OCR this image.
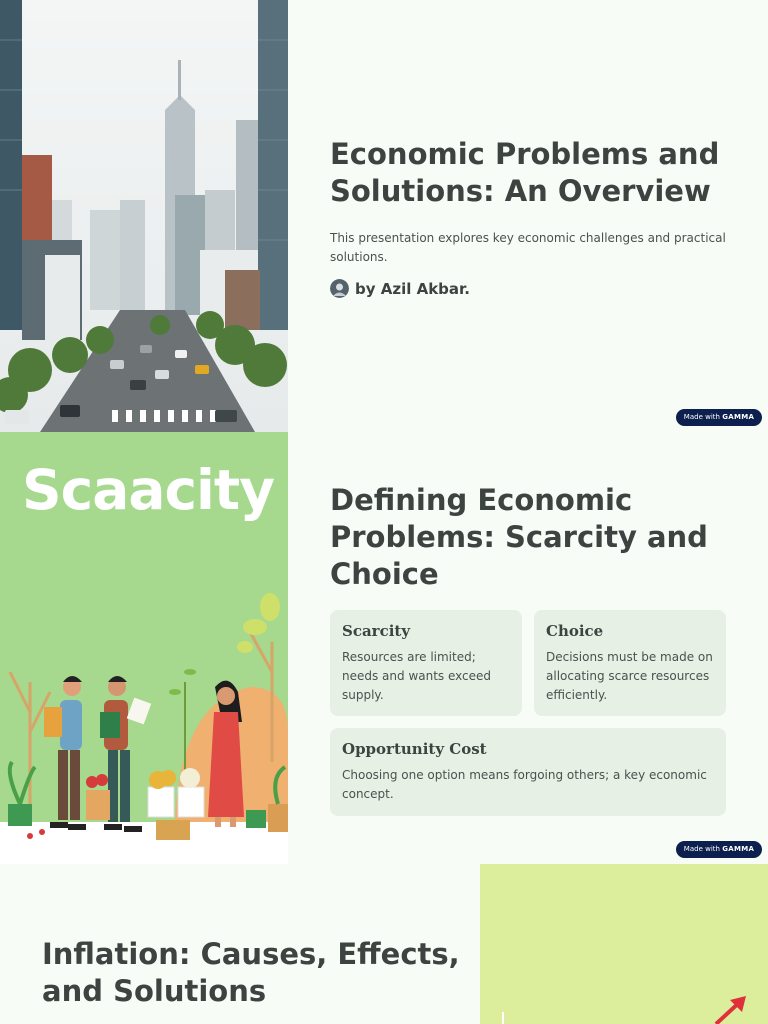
Economic Problems and Solutions: An Overview

This presentation explores key economic challenges and practical solutions.

by Azil Akbar.
Made with GAMMA
Scaacity Defining Economic Problems: Scarcity and Choice
Scarcity

Resources are limited; needs and wants exceed supply.

Choice

Decisions must be made on allocating scarce resources efficiently.

Opportunity Cost

Choosing one option means forgoing others; a key economic concept.

Made with GAMMA
Inflation: Causes, Effects, and Solutions
